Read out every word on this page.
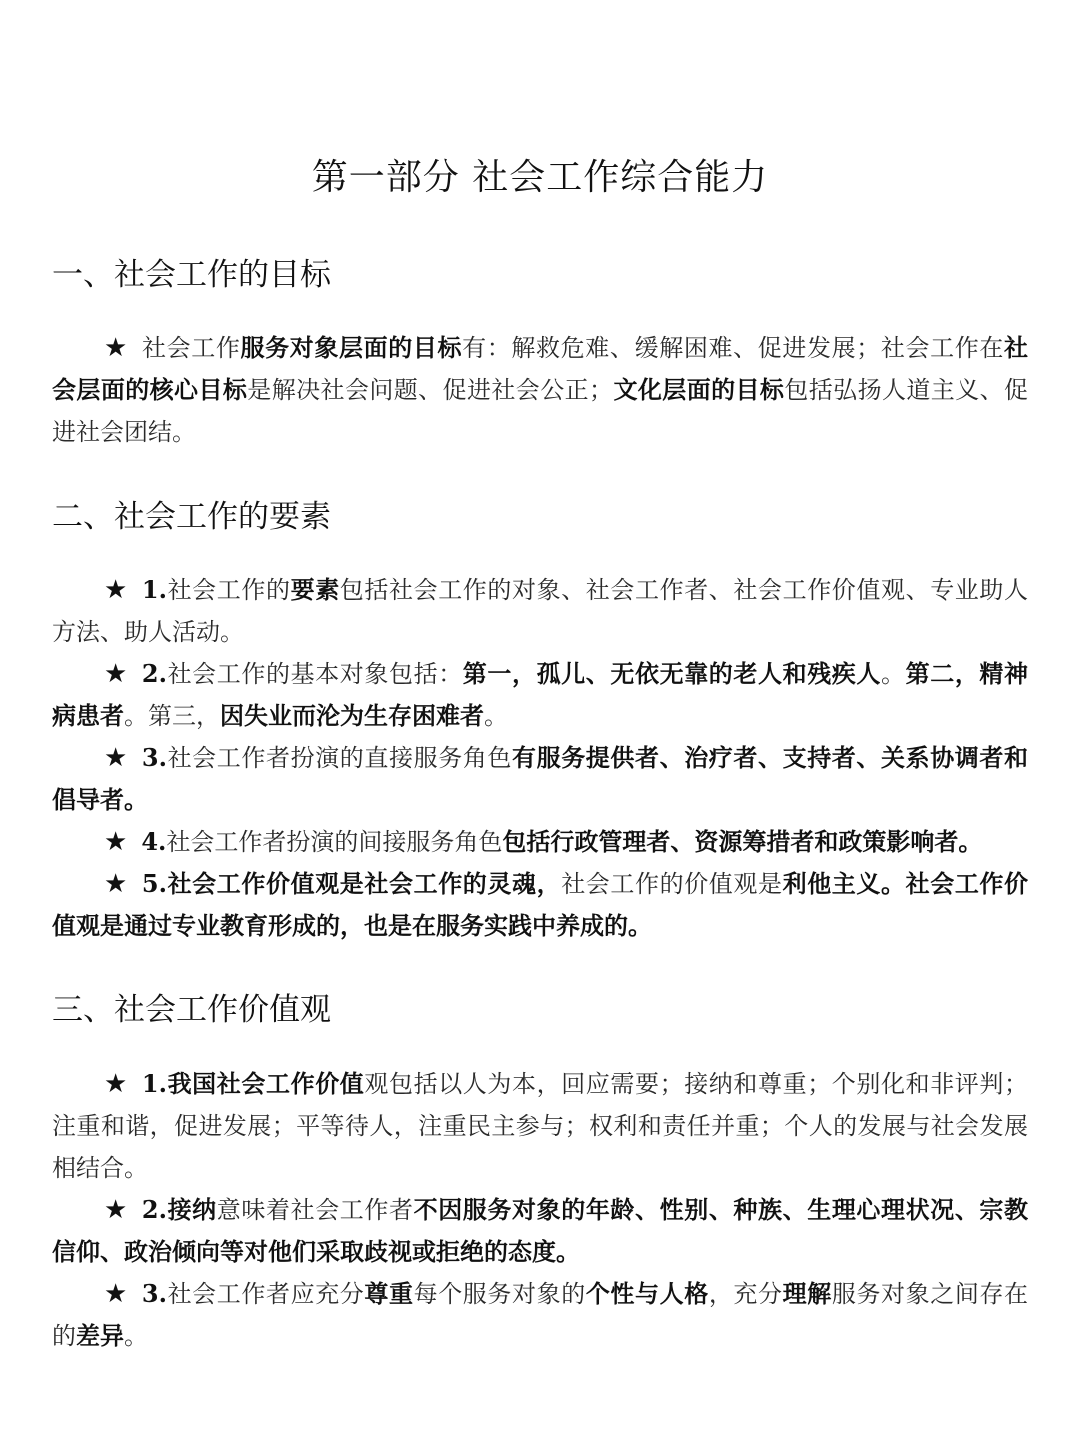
第一部分 社会工作综合能力
一、社会工作的目标
★ 社会工作服务对象层面的目标有：解救危难、缓解困难、促进发展；社会工作在社会层面的核心目标是解决社会问题、促进社会公正；文化层面的目标包括弘扬人道主义、促进社会团结。
二、社会工作的要素
★ 1.社会工作的要素包括社会工作的对象、社会工作者、社会工作价值观、专业助人方法、助人活动。
★ 2.社会工作的基本对象包括：第一，孤儿、无依无靠的老人和残疾人。第二，精神病患者。第三，因失业而沦为生存困难者。
★ 3.社会工作者扮演的直接服务角色有服务提供者、治疗者、支持者、关系协调者和倡导者。
★ 4.社会工作者扮演的间接服务角色包括行政管理者、资源筹措者和政策影响者。
★ 5.社会工作价值观是社会工作的灵魂，社会工作的价值观是利他主义。社会工作价值观是通过专业教育形成的，也是在服务实践中养成的。
三、社会工作价值观
★ 1.我国社会工作价值观包括以人为本，回应需要；接纳和尊重；个别化和非评判；注重和谐，促进发展；平等待人，注重民主参与；权利和责任并重；个人的发展与社会发展相结合。
★ 2.接纳意味着社会工作者不因服务对象的年龄、性别、种族、生理心理状况、宗教信仰、政治倾向等对他们采取歧视或拒绝的态度。
★ 3.社会工作者应充分尊重每个服务对象的个性与人格，充分理解服务对象之间存在的差异。
